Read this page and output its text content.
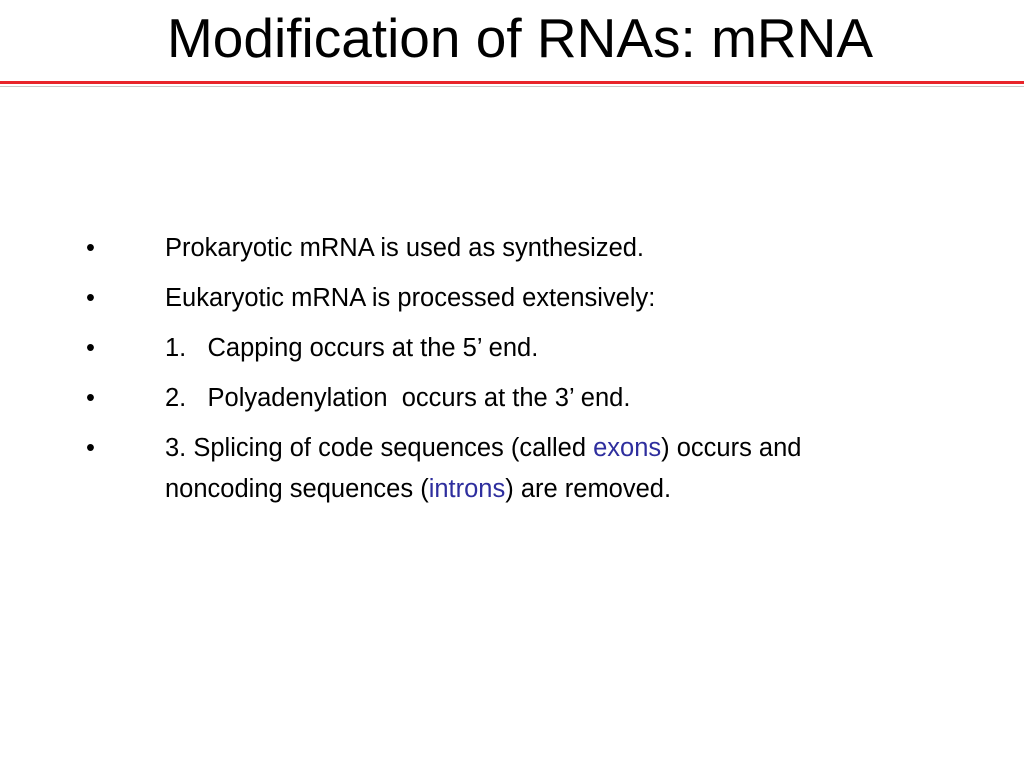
Modification of RNAs: mRNA
•	Prokaryotic mRNA is used as synthesized.
•	Eukaryotic mRNA is processed extensively:
•	1.   Capping occurs at the 5’ end.
•	2.   Polyadenylation  occurs at the 3’ end.
•	3. Splicing of code sequences (called exons) occurs and noncoding sequences (introns) are removed.
